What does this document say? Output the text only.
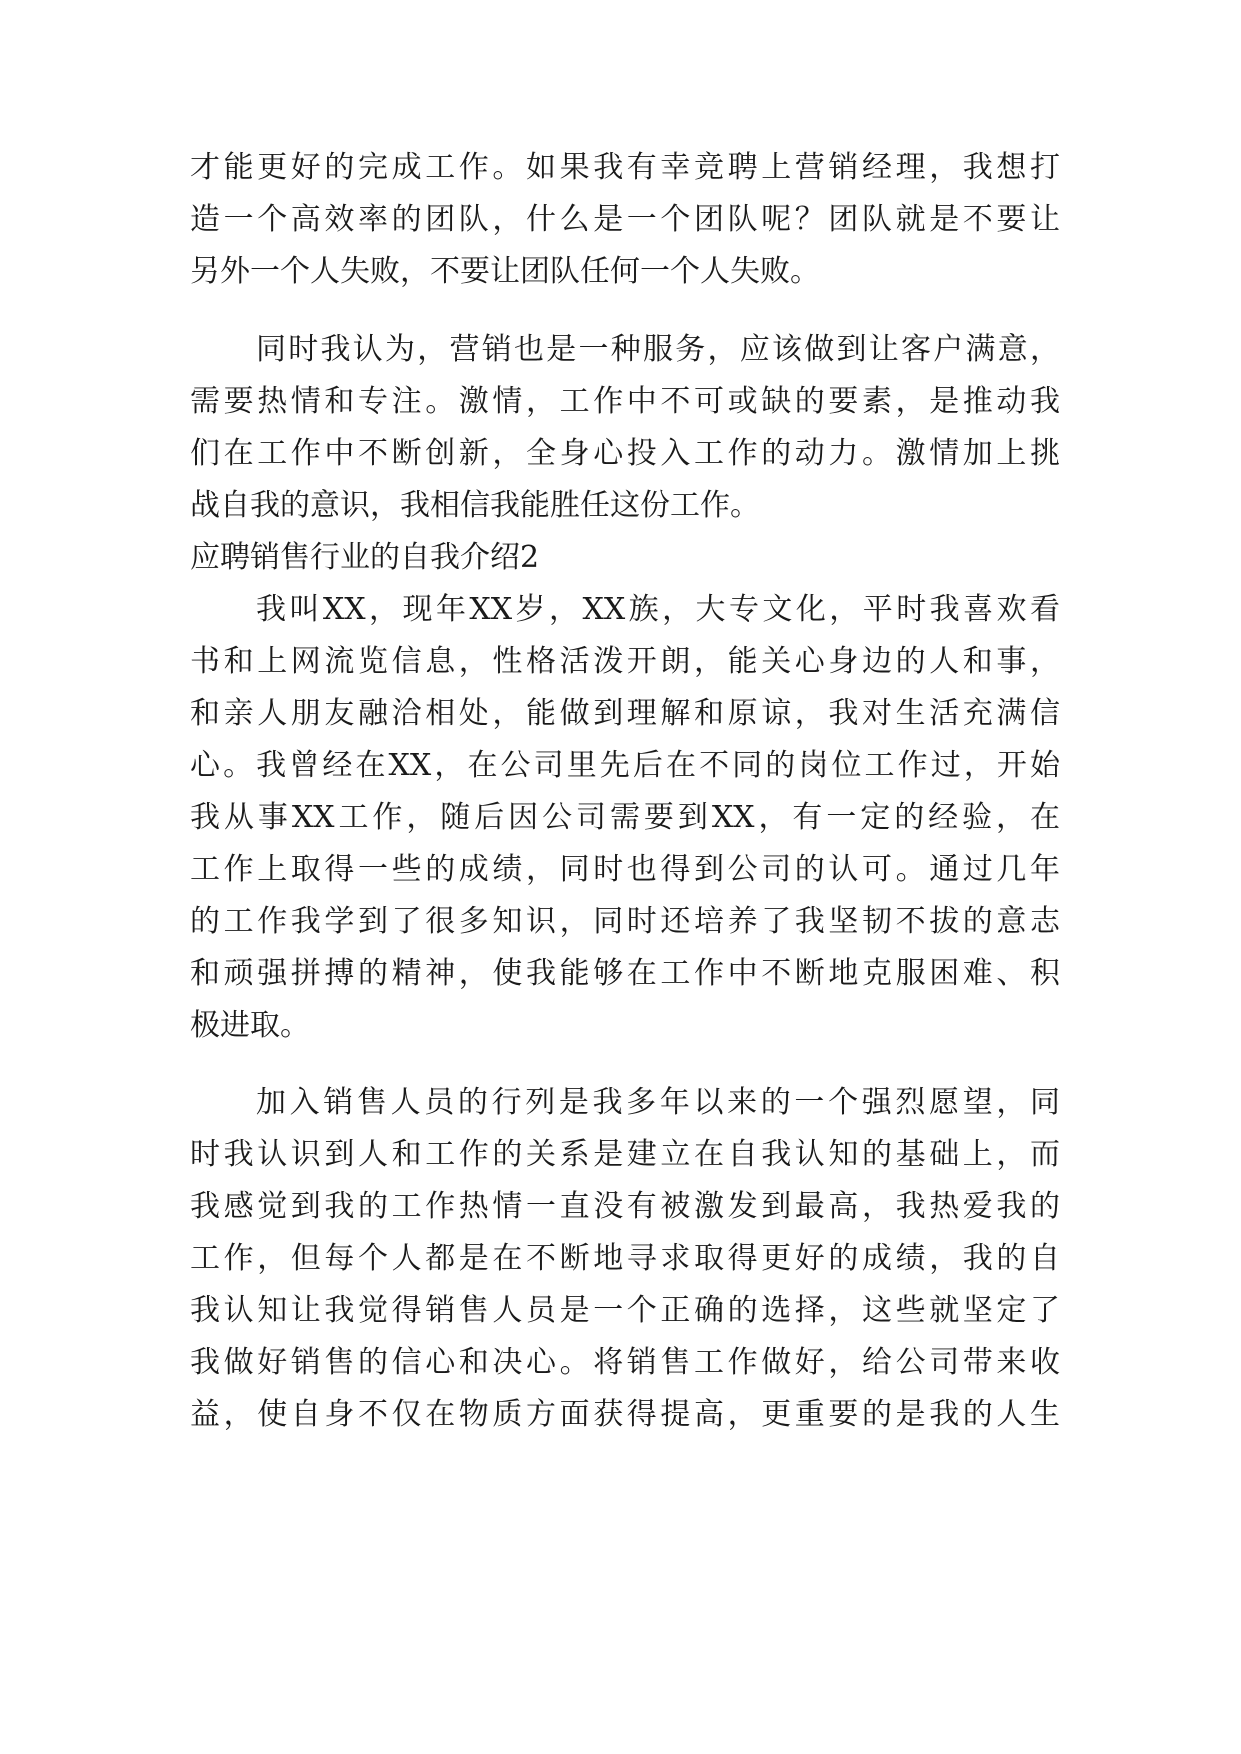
才能更好的完成工作。如果我有幸竞聘上营销经理，我想打
造一个高效率的团队，什么是一个团队呢？团队就是不要让
另外一个人失败，不要让团队任何一个人失败。
同时我认为，营销也是一种服务，应该做到让客户满意，
需要热情和专注。激情，工作中不可或缺的要素，是推动我
们在工作中不断创新，全身心投入工作的动力。激情加上挑
战自我的意识，我相信我能胜任这份工作。
应聘销售行业的自我介绍2
我叫XX，现年XX岁，XX族，大专文化，平时我喜欢看
书和上网流览信息，性格活泼开朗，能关心身边的人和事，
和亲人朋友融洽相处，能做到理解和原谅，我对生活充满信
心。我曾经在XX，在公司里先后在不同的岗位工作过，开始
我从事XX工作，随后因公司需要到XX，有一定的经验，在
工作上取得一些的成绩，同时也得到公司的认可。通过几年
的工作我学到了很多知识，同时还培养了我坚韧不拔的意志
和顽强拼搏的精神，使我能够在工作中不断地克服困难、积
极进取。
加入销售人员的行列是我多年以来的一个强烈愿望，同
时我认识到人和工作的关系是建立在自我认知的基础上，而
我感觉到我的工作热情一直没有被激发到最高，我热爱我的
工作，但每个人都是在不断地寻求取得更好的成绩，我的自
我认知让我觉得销售人员是一个正确的选择，这些就坚定了
我做好销售的信心和决心。将销售工作做好，给公司带来收
益，使自身不仅在物质方面获得提高，更重要的是我的人生
